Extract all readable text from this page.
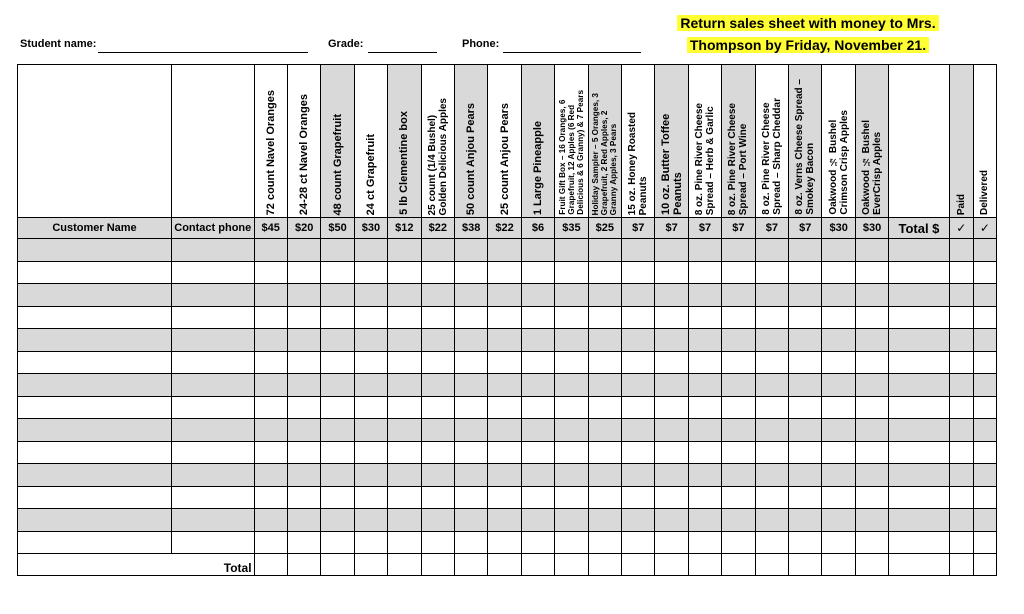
Student name:	Grade:	Phone:
Return sales sheet with money to Mrs.
Thompson by Friday, November 21.

		72 count Navel Oranges	24-28 ct Navel Oranges	48 count Grapefruit	24 ct Grapefruit	5 lb Clementine box	25 count (1/4 Bushel)
Golden Delicious Apples	50 count Anjou Pears	25 count Anjou Pears	1 Large Pineapple	Fruit Gift Box – 16 Oranges, 6
Grapefruit, 12 Apples (6 Red
Delicious & 6 Granny) & 7 Pears	Holiday Sampler – 5 Oranges, 3
Grapefruit, 2 Red Apples, 2
Granny Apples, 3 Pears	15 oz. Honey Roasted
Peanuts	10 oz. Butter Toffee Peanuts	8 oz. Pine River Cheese
Spread – Herb & Garlic	8 oz. Pine River Cheese
Spread – Port Wine	8 oz. Pine River Cheese
Spread – Sharp Cheddar	8 oz. Verns Cheese Spread –
Smokey Bacon	Oakwood ½ Bushel
Crimson Crisp Apples	Oakwood ½ Bushel
EverCrisp Apples		Paid	Delivered

Customer Name	Contact phone	$45	$20	$50	$30	$12	$22	$38	$22	$6	$35	$25	$7	$7	$7	$7	$7	$7	$30	$30	Total $	✓	✓

Total																							
